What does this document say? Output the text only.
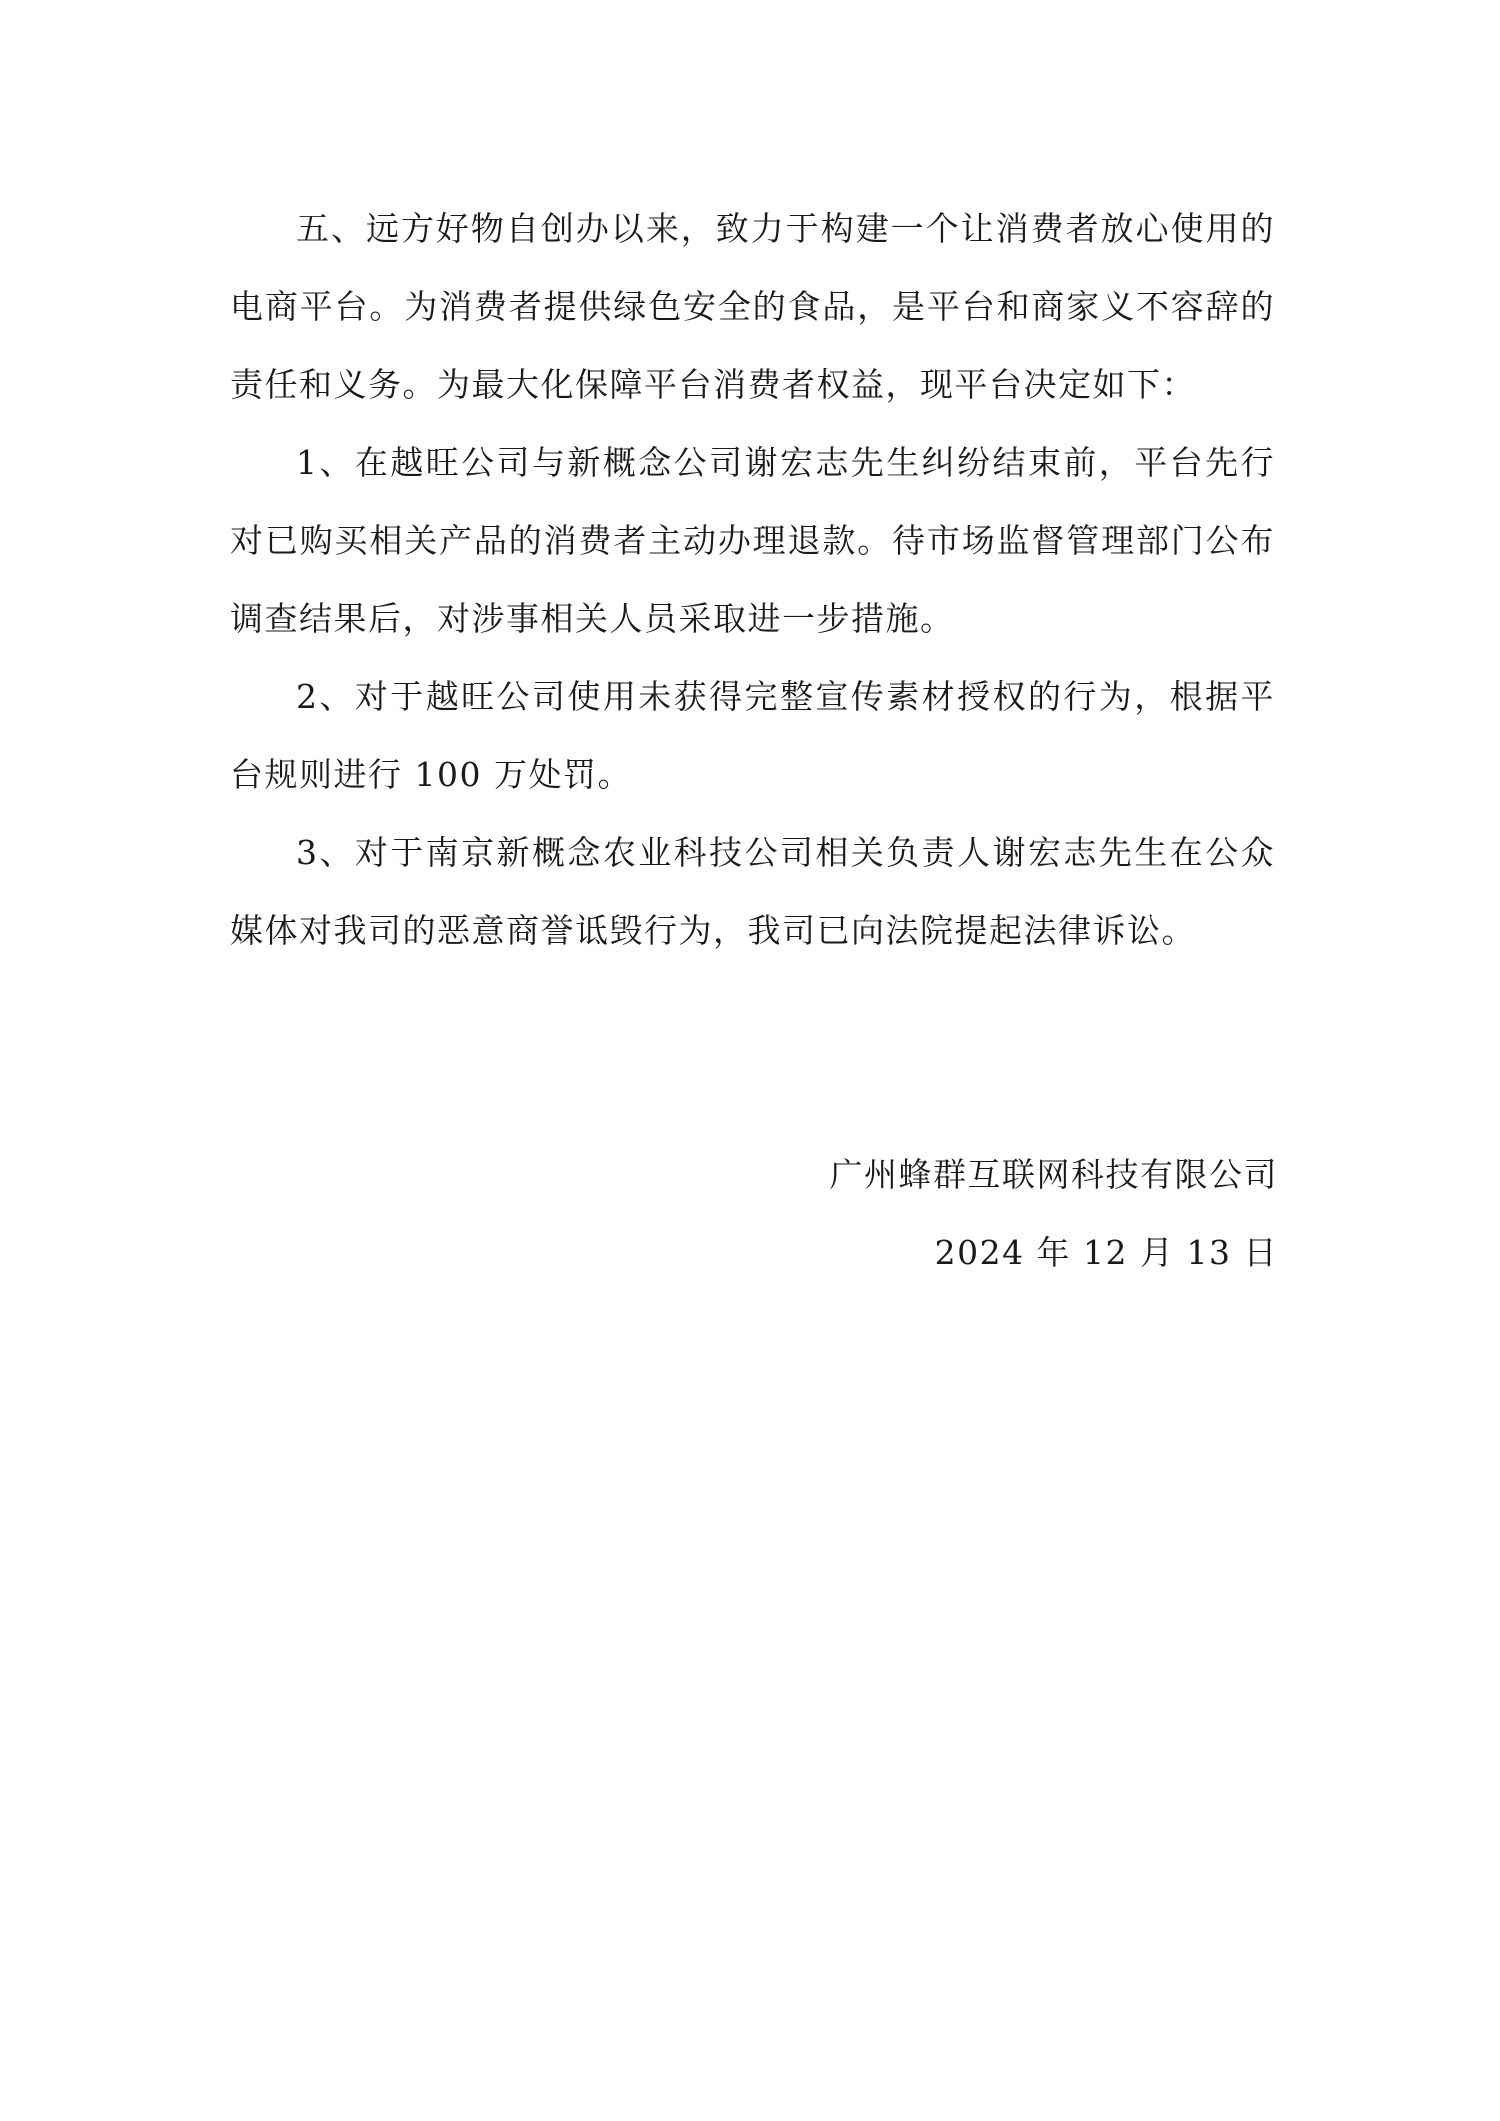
五、远方好物自创办以来，致力于构建一个让消费者放心使用的电商平台。为消费者提供绿色安全的食品，是平台和商家义不容辞的责任和义务。为最大化保障平台消费者权益，现平台决定如下：

1、在越旺公司与新概念公司谢宏志先生纠纷结束前，平台先行对已购买相关产品的消费者主动办理退款。待市场监督管理部门公布调查结果后，对涉事相关人员采取进一步措施。

2、对于越旺公司使用未获得完整宣传素材授权的行为，根据平台规则进行 100 万处罚。

3、对于南京新概念农业科技公司相关负责人谢宏志先生在公众媒体对我司的恶意商誉诋毁行为，我司已向法院提起法律诉讼。

广州蜂群互联网科技有限公司
2024 年 12 月 13 日
